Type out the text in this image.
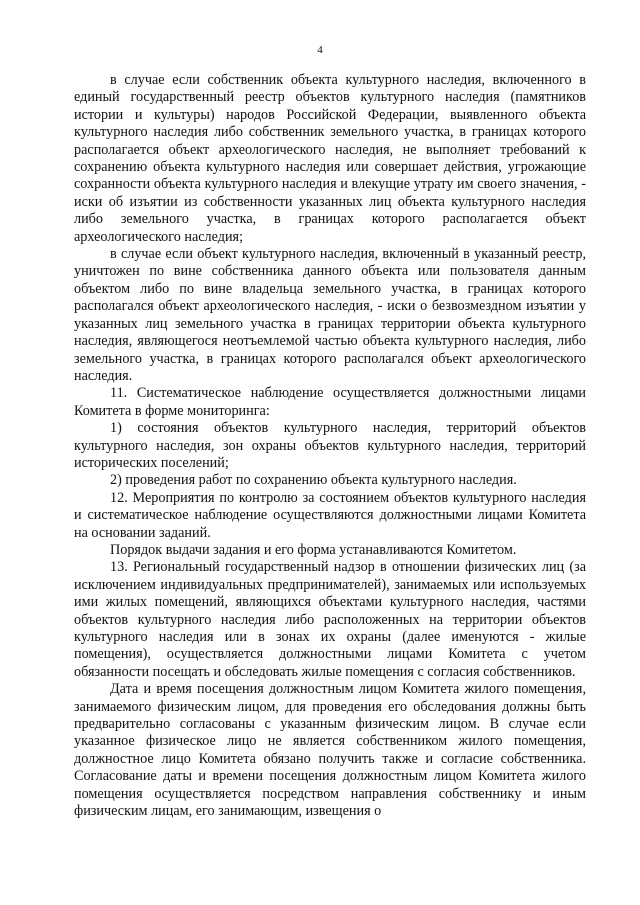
4

в случае если собственник объекта культурного наследия, включенного в единый государственный реестр объектов культурного наследия (памятников истории и культуры) народов Российской Федерации, выявленного объекта культурного наследия либо собственник земельного участка, в границах которого располагается объект археологического наследия, не выполняет требований к сохранению объекта культурного наследия или совершает действия, угрожающие сохранности объекта культурного наследия и влекущие утрату им своего значения, - иски об изъятии из собственности указанных лиц объекта культурного наследия либо земельного участка, в границах которого располагается объект археологического наследия;

в случае если объект культурного наследия, включенный в указанный реестр, уничтожен по вине собственника данного объекта или пользователя данным объектом либо по вине владельца земельного участка, в границах которого располагался объект археологического наследия, - иски о безвозмездном изъятии у указанных лиц земельного участка в границах территории объекта культурного наследия, являющегося неотъемлемой частью объекта культурного наследия, либо земельного участка, в границах которого располагался объект археологического наследия.

11. Систематическое наблюдение осуществляется должностными лицами Комитета в форме мониторинга:

1) состояния объектов культурного наследия, территорий объектов культурного наследия, зон охраны объектов культурного наследия, территорий исторических поселений;

2) проведения работ по сохранению объекта культурного наследия.

12. Мероприятия по контролю за состоянием объектов культурного наследия и систематическое наблюдение осуществляются должностными лицами Комитета на основании заданий.

Порядок выдачи задания и его форма устанавливаются Комитетом.

13. Региональный государственный надзор в отношении физических лиц (за исключением индивидуальных предпринимателей), занимаемых или используемых ими жилых помещений, являющихся объектами культурного наследия, частями объектов культурного наследия либо расположенных на территории объектов культурного наследия или в зонах их охраны (далее именуются - жилые помещения), осуществляется должностными лицами Комитета с учетом обязанности посещать и обследовать жилые помещения с согласия собственников.

Дата и время посещения должностным лицом Комитета жилого помещения, занимаемого физическим лицом, для проведения его обследования должны быть предварительно согласованы с указанным физическим лицом. В случае если указанное физическое лицо не является собственником жилого помещения, должностное лицо Комитета обязано получить также и согласие собственника. Согласование даты и времени посещения должностным лицом Комитета жилого помещения осуществляется посредством направления собственнику и иным физическим лицам, его занимающим, извещения о
